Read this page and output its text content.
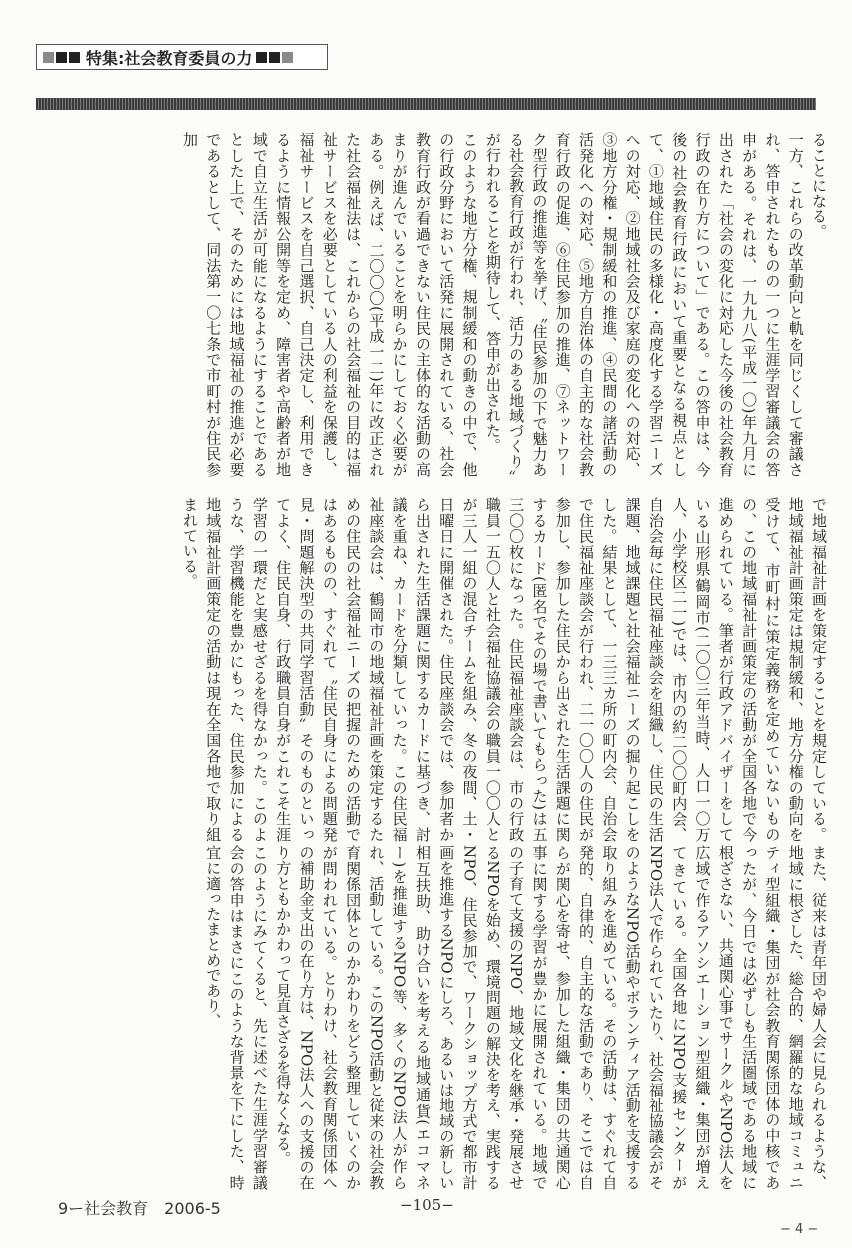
特集:社会教育委員の力

ることになる。
一方、これらの改革動向と軌を同じくして審議され、答申されたものの一つに生涯学習審議会の答申がある。それは、一九九八(平成一〇)年九月に出された「社会の変化に対応した今後の社会教育行政の在り方について」である。この答申は、今後の社会教育行政において重要となる視点として、①地域住民の多様化・高度化する学習ニーズへの対応、②地域社会及び家庭の変化への対応、③地方分権・規制緩和の推進、④民間の諸活動の活発化への対応、⑤地方自治体の自主的な社会教育行政の促進、⑥住民参加の推進、⑦ネットワーク型行政の推進等を挙げ、〝住民参加の下で魅力ある社会教育行政が行われ、活力のある地域づくり〟が行われることを期待して、答申が出された。
このような地方分権、規制緩和の動きの中で、他の行政分野において活発に展開されている、社会教育行政が看過できない住民の主体的な活動の高まりが進んでいることを明らかにしておく必要がある。例えば、二〇〇〇(平成一二)年に改正された社会福祉法は、これからの社会福祉の目的は福祉サービスを必要としている人の利益を保護し、福祉サービスを自己選択、自己決定し、利用できるように情報公開等を定め、障害者や高齢者が地域で自立生活が可能になるようにすることであるとした上で、そのためには地域福祉の推進が必要であるとして、同法第一〇七条で市町村が住民参加

で地域福祉計画を策定することを規定している。地域福祉計画策定は規制緩和、地方分権の動向を受けて、市町村に策定義務を定めていないものの、この地域福祉計画策定の活動が全国各地で今進められている。筆者が行政アドバイザーをしている山形県鶴岡市(二〇〇三年当時、人口一〇万人、小学校区二一)では、市内の約二〇〇町内会、自治会毎に住民福祉座談会を組織し、住民の生活課題、地域課題と社会福祉ニーズの掘り起こしをした。結果として、一三三カ所の町内会、自治会で住民福祉座談会が行われ、二一〇〇人の住民が参加し、参加した住民から出された生活課題に関するカード(匿名でその場で書いてもらった)は五三〇〇枚になった。住民福祉座談会は、市の行政職員一五〇人と社会福祉協議会の職員一〇〇人とが三人一組の混合チームを組み、冬の夜間、土・日曜日に開催された。住民座談会では、参加者から出された生活課題に関するカードに基づき、討議を重ね、カードを分類していった。この住民福祉座談会は、鶴岡市の地域福祉計画を策定するための住民の社会福祉ニーズの把握のための活動ではあるものの、すぐれて〝住民自身による問題発見・問題解決型の共同学習活動〟そのものといってよく、住民自身、行政職員自身がこれこそ生涯学習の一環だと実感せざるを得なかった。このような、学習機能を豊かにもった、住民参加による地域福祉計画策定の活動は現在全国各地で取り組まれている。

また、従来は青年団や婦人会に見られるような、地域に根ざした、総合的、網羅的な地域コミュニティ型組織・集団が社会教育関係団体の中核であったが、今日では必ずしも生活圏域である地域に根ざさない、共通関心事でサークルやNPO法人を広域で作るアソシエーション型組織・集団が増えてきている。全国各地にNPO支援センターがNPO法人で作られていたり、社会福祉協議会がそのようなNPO活動やボランティア活動を支援する取り組みを進めている。その活動は、すぐれて自発的、自律的、自主的な活動であり、そこでは自らが関心を寄せ、参加した組織・集団の共通関心事に関する学習が豊かに展開されている。地域での子育て支援のNPO、地域文化を継承・発展させるNPOを始め、環境問題の解決を考え、実践するNPO、住民参加で、ワークショップ方式で都市計画を推進するNPOにしろ、あるいは地域の新しい相互扶助、助け合いを考える地域通貨(エコマネー)を推進するNPO等、多くのNPO法人が作られ、活動している。このNPO活動と従来の社会教育関係団体とのかかわりをどう整理していくのかが問われている。とりわけ、社会教育関係団体への補助金支出の在り方は、NPO法人への支援の在り方ともかかわって見直さざるを得なくなる。
このようにみてくると、先に述べた生涯学習審議会の答申はまさにこのような背景を下にした、時宜に適ったまとめであり、

9ー社会教育　2006-5	−105−
− 4 −
